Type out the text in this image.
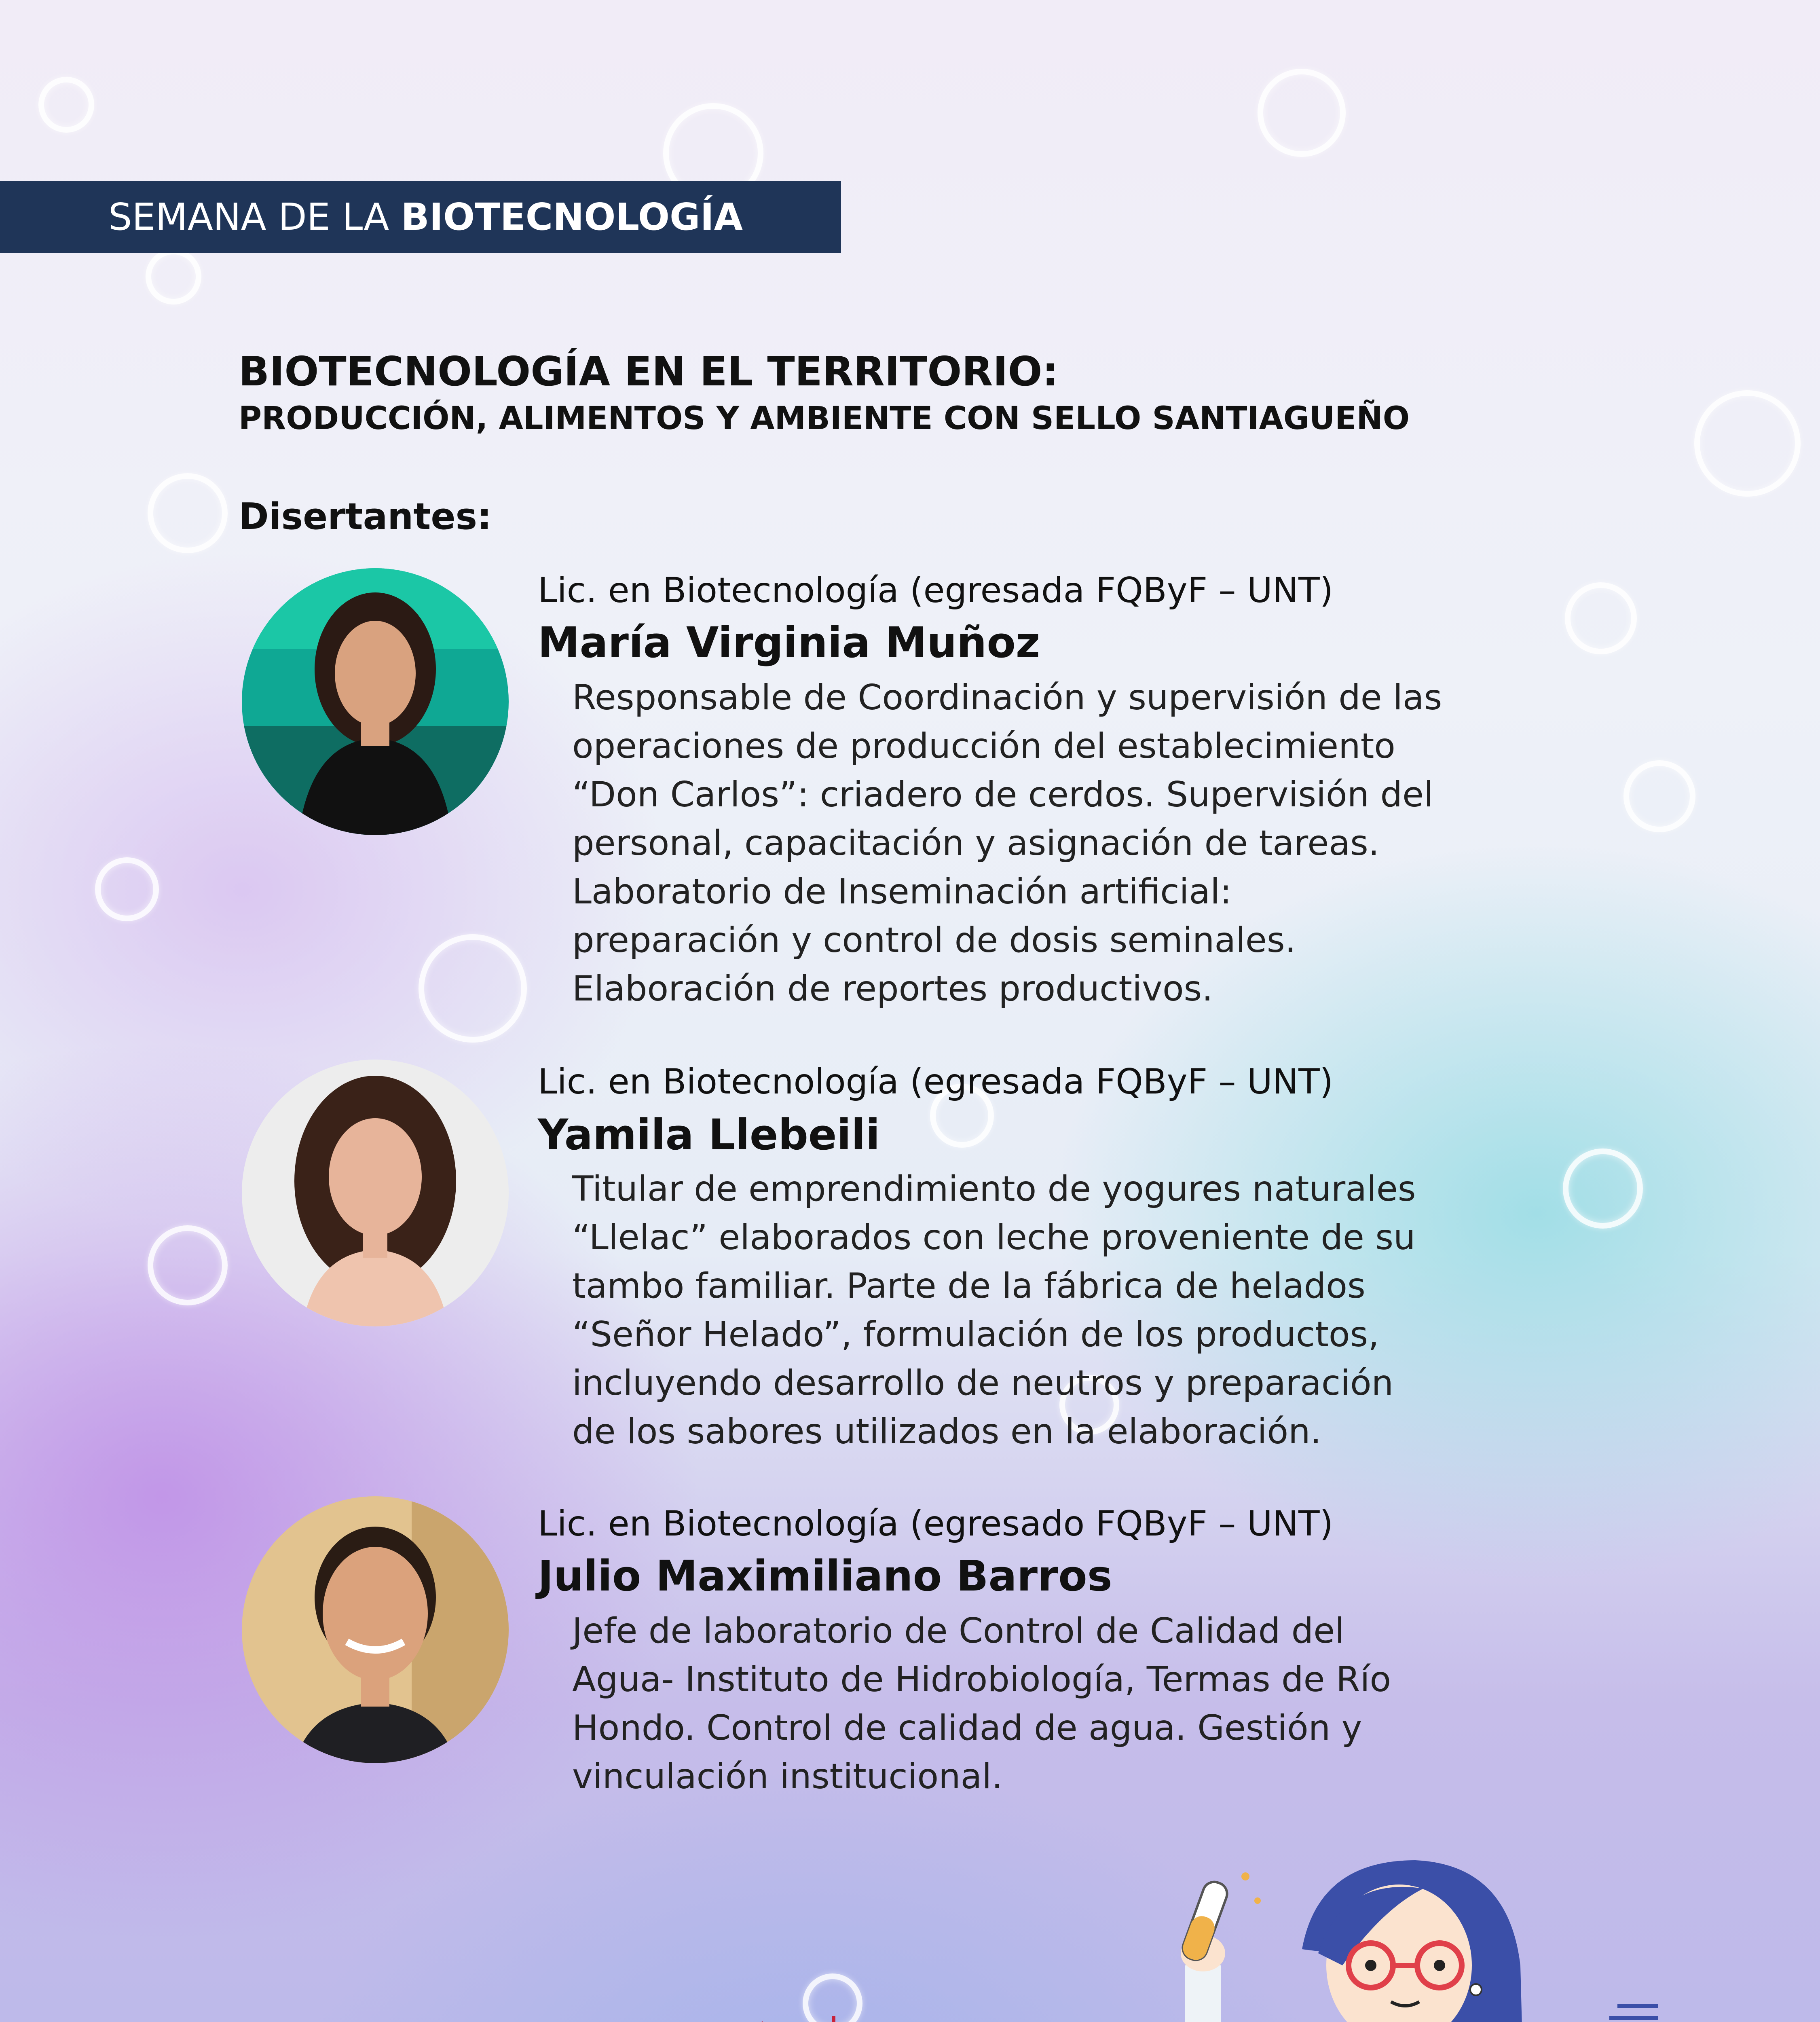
SEMANA DE LA BIOTECNOLOGÍA
BIOTECNOLOGÍA EN EL TERRITORIO:
PRODUCCIÓN, ALIMENTOS Y AMBIENTE CON SELLO SANTIAGUEÑO
Disertantes:
Lic. en Biotecnología (egresada FQByF – UNT)
María Virginia Muñoz
Responsable de Coordinación y supervisión de las
operaciones de producción del establecimiento
“Don Carlos”: criadero de cerdos. Supervisión del
personal, capacitación y asignación de tareas.
Laboratorio de Inseminación artificial:
preparación y control de dosis seminales.
Elaboración de reportes productivos.
Lic. en Biotecnología (egresada FQByF – UNT)
Yamila Llebeili
Titular de emprendimiento de yogures naturales
“Llelac” elaborados con leche proveniente de su
tambo familiar. Parte de la fábrica de helados
“Señor Helado”, formulación de los productos,
incluyendo desarrollo de neutros y preparación
de los sabores utilizados en la elaboración.
Lic. en Biotecnología (egresado FQByF – UNT)
Julio Maximiliano Barros
Jefe de laboratorio de Control de Calidad del
Agua- Instituto de Hidrobiología, Termas de Río
Hondo. Control de calidad de agua. Gestión y
vinculación institucional.
